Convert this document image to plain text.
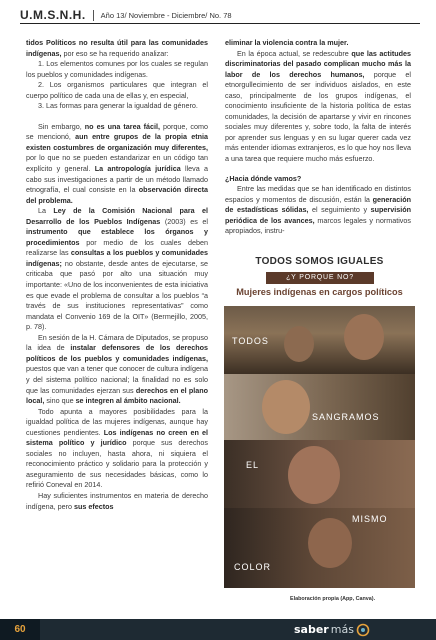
U.M.S.N.H. Año 13/ Noviembre - Diciembre/ No. 78

tidos Políticos no resulta útil para las comunidades indígenas, por eso se ha requerido analizar:

1. Los elementos comunes por los cuales se regulan los pueblos y comunidades indígenas.

2. Los organismos particulares que integran el cuerpo político de cada una de ellas y, en especial,

3. Las formas para generar la igualdad de género.

Sin embargo, no es una tarea fácil, porque, como se mencionó, aun entre grupos de la propia etnia existen costumbres de organización muy diferentes, por lo que no se pueden estandarizar en un código tan explícito y general. La antropología jurídica lleva a cabo sus investigaciones a partir de un método llamado etnografía, el cual consiste en la observación directa del problema.

La Ley de la Comisión Nacional para el Desarrollo de los Pueblos Indígenas (2003) es el instrumento que establece los órganos y procedimientos por medio de los cuales deben realizarse las consultas a los pueblos y comunidades indígenas; no obstante, desde antes de ejecutarse, se criticaba que pasó por alto una situación muy importante: «Uno de los inconvenientes de esta iniciativa es que evade el problema de consultar a los pueblos “a través de sus instituciones representativas” como mandata el Convenio 169 de la OIT» (Bermejillo, 2005, p. 78).

En sesión de la H. Cámara de Diputados, se propuso la idea de instalar defensores de los derechos políticos de los pueblos y comunidades indígenas, puestos que van a tener que conocer de cultura indígena y del sistema político nacional; la finalidad no es solo que las comunidades ejerzan sus derechos en el plano local, sino que se integren al ámbito nacional.

Todo apunta a mayores posibilidades para la igualdad política de las mujeres indígenas, aunque hay cuestiones pendientes. Los indígenas no creen en el sistema político y jurídico porque sus derechos sociales no incluyen, hasta ahora, ni siquiera el reconocimiento práctico y solidario para la protección y aseguramiento de sus necesidades básicas, como lo refirió Coneval en 2014.

Hay suficientes instrumentos en materia de derecho indígena, pero sus efectos

eliminar la violencia contra la mujer.

En la época actual, se redescubre que las actitudes discriminatorias del pasado complican mucho más la labor de los derechos humanos, porque el etnorgullecimiento de ser individuos aislados, en este caso, principalmente de los grupos indígenas, el conocimiento insuficiente de la historia política de estas comunidades, la decisión de apartarse y vivir en rincones sociales muy diferentes y, sobre todo, la falta de interés por aprender sus lenguas y en su lugar querer cada vez más entender idiomas extranjeros, es lo que hoy nos lleva a una tarea que requiere mucho más esfuerzo.

¿Hacia dónde vamos?

Entre las medidas que se han identificado en distintos espacios y momentos de discusión, están la generación de estadísticas sólidas, el seguimiento y supervisión periódica de los avances, marcos legales y normativos apropiados, instru-

TODOS SOMOS IGUALES
¿Y PORQUE NO?
Mujeres indígenas en cargos políticos
TODOS
SANGRAMOS
EL
MISMO
COLOR
Elaboración propia (App, Canva).
60	saber más
